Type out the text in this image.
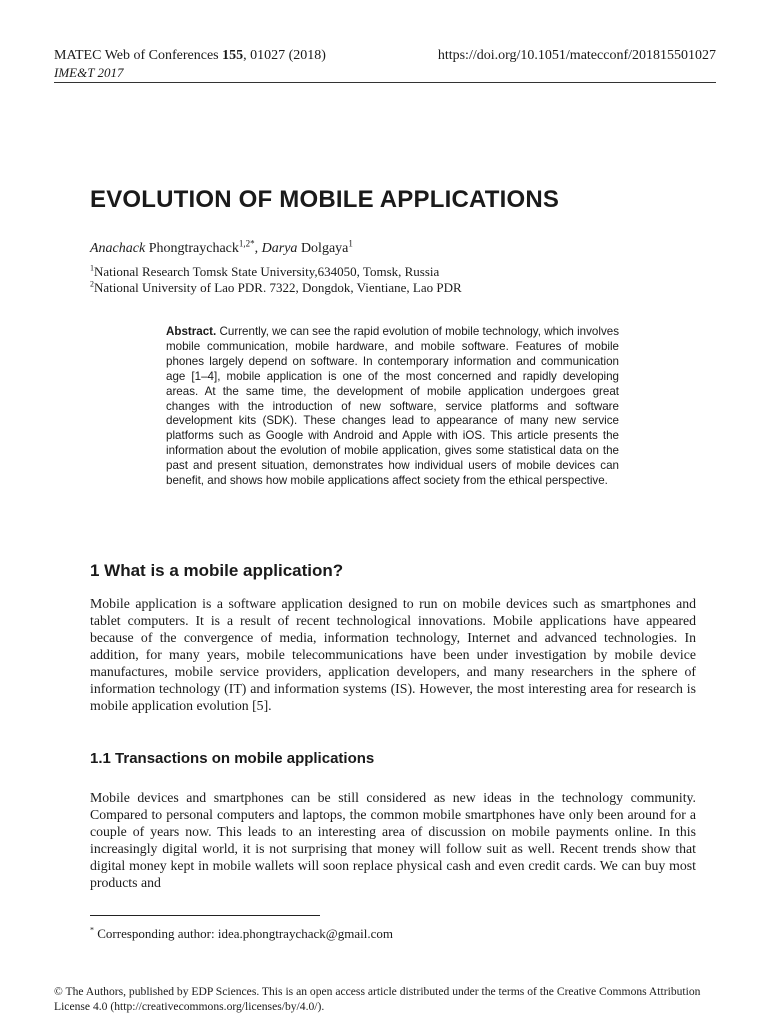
MATEC Web of Conferences 155, 01027 (2018)
IME&T 2017
https://doi.org/10.1051/matecconf/201815501027
EVOLUTION OF MOBILE APPLICATIONS
Anachack Phongtraychack$^{1,2*}$, Darya Dolgaya$^1$
$^1$National Research Tomsk State University,634050, Tomsk, Russia
$^2$National University of Lao PDR. 7322, Dongdok, Vientiane, Lao PDR
Abstract. Currently, we can see the rapid evolution of mobile technology, which involves mobile communication, mobile hardware, and mobile software. Features of mobile phones largely depend on software. In contemporary information and communication age [1–4], mobile application is one of the most concerned and rapidly developing areas. At the same time, the development of mobile application undergoes great changes with the introduction of new software, service platforms and software development kits (SDK). These changes lead to appearance of many new service platforms such as Google with Android and Apple with iOS. This article presents the information about the evolution of mobile application, gives some statistical data on the past and present situation, demonstrates how individual users of mobile devices can benefit, and shows how mobile applications affect society from the ethical perspective.
1 What is a mobile application?
Mobile application is a software application designed to run on mobile devices such as smartphones and tablet computers. It is a result of recent technological innovations. Mobile applications have appeared because of the convergence of media, information technology, Internet and advanced technologies. In addition, for many years, mobile telecommunications have been under investigation by mobile device manufactures, mobile service providers, application developers, and many researchers in the sphere of information technology (IT) and information systems (IS). However, the most interesting area for research is mobile application evolution [5].
1.1 Transactions on mobile applications
Mobile devices and smartphones can be still considered as new ideas in the technology community. Compared to personal computers and laptops, the common mobile smartphones have only been around for a couple of years now. This leads to an interesting area of discussion on mobile payments online. In this increasingly digital world, it is not surprising that money will follow suit as well. Recent trends show that digital money kept in mobile wallets will soon replace physical cash and even credit cards. We can buy most products and
* Corresponding author: idea.phongtraychack@gmail.com
© The Authors, published by EDP Sciences. This is an open access article distributed under the terms of the Creative Commons Attribution License 4.0 (http://creativecommons.org/licenses/by/4.0/).
